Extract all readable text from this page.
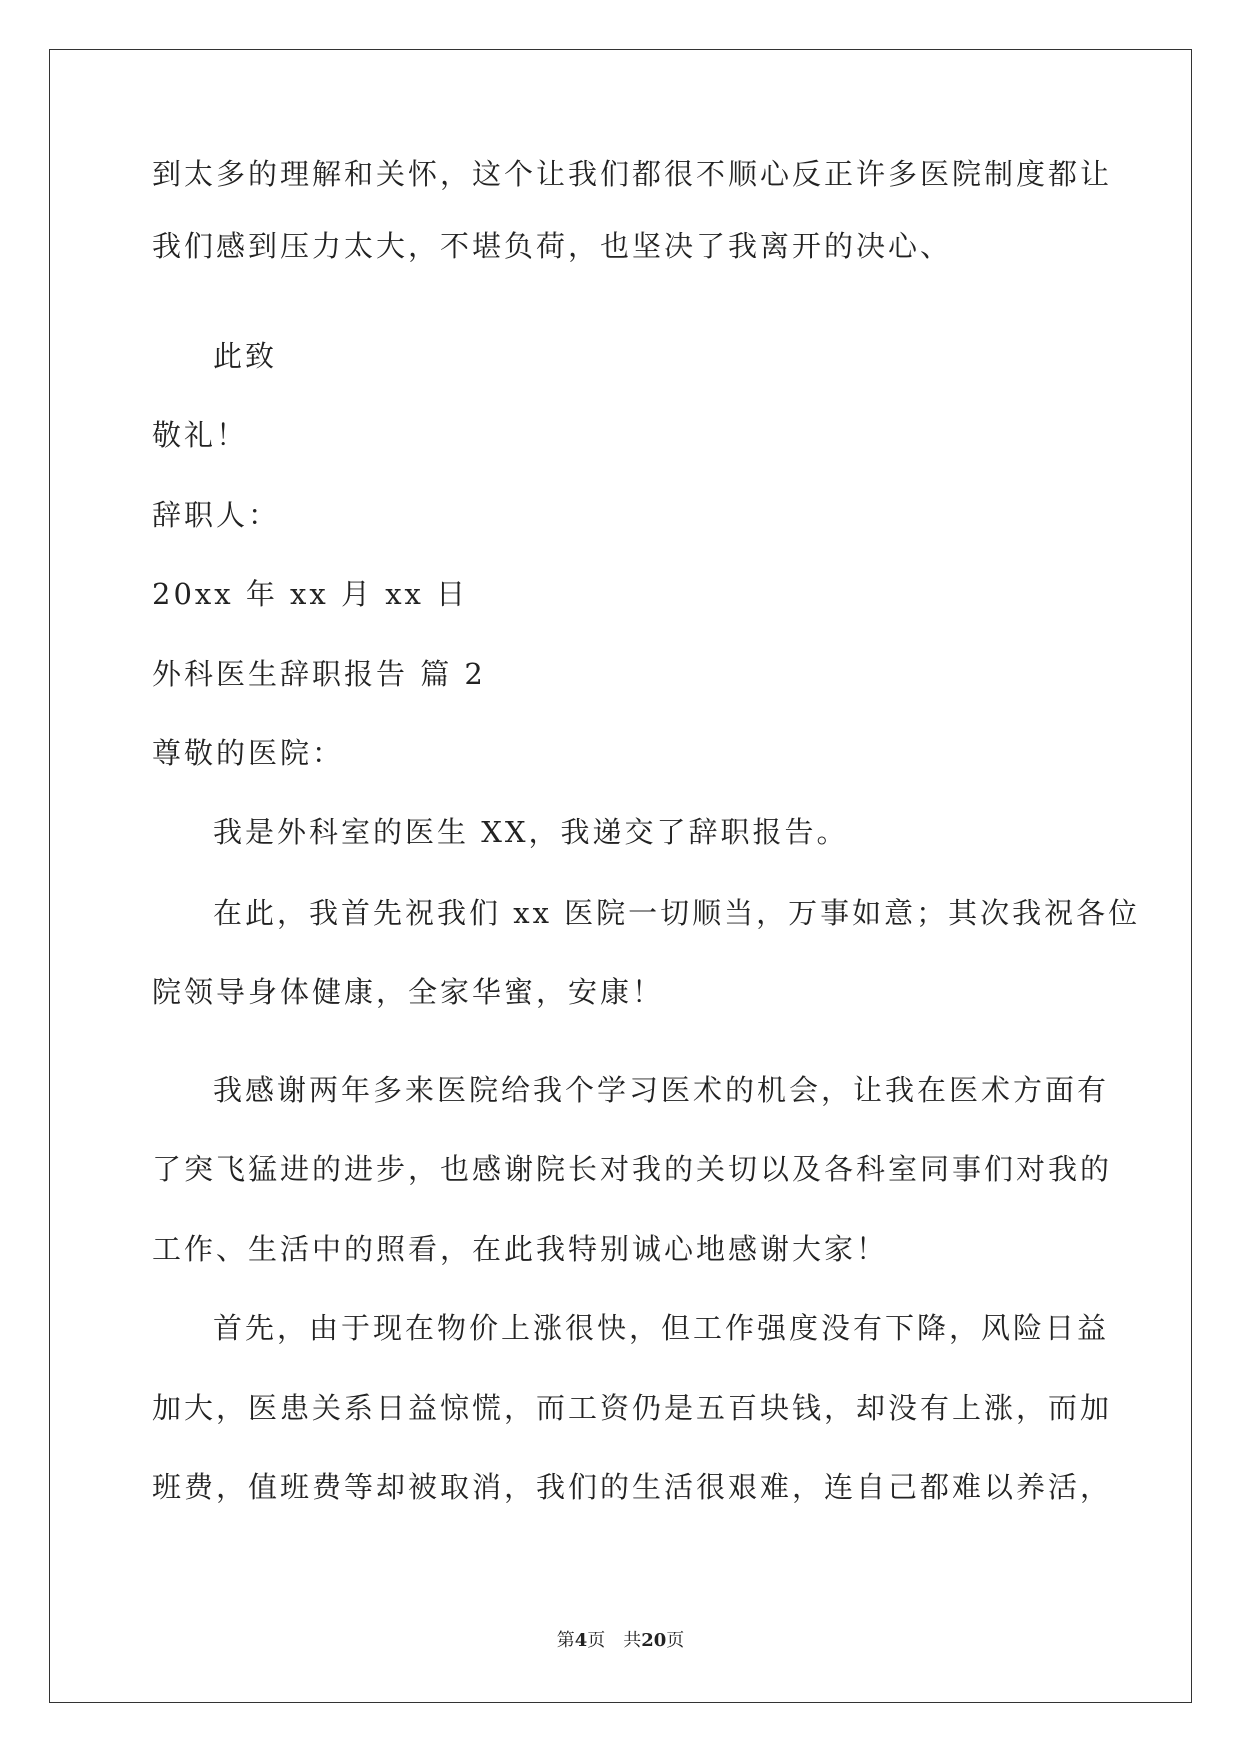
到太多的理解和关怀，这个让我们都很不顺心反正许多医院制度都让
我们感到压力太大，不堪负荷，也坚决了我离开的决心、
此致
敬礼！
辞职人：
20xx 年 xx 月 xx 日
外科医生辞职报告 篇 2
尊敬的医院：
我是外科室的医生 XX，我递交了辞职报告。
在此，我首先祝我们 xx 医院一切顺当，万事如意；其次我祝各位
院领导身体健康，全家华蜜，安康！
我感谢两年多来医院给我个学习医术的机会，让我在医术方面有
了突飞猛进的进步，也感谢院长对我的关切以及各科室同事们对我的
工作、生活中的照看，在此我特别诚心地感谢大家！
首先，由于现在物价上涨很快，但工作强度没有下降，风险日益
加大，医患关系日益惊慌，而工资仍是五百块钱，却没有上涨，而加
班费，值班费等却被取消，我们的生活很艰难，连自己都难以养活，
第4页　共20页
